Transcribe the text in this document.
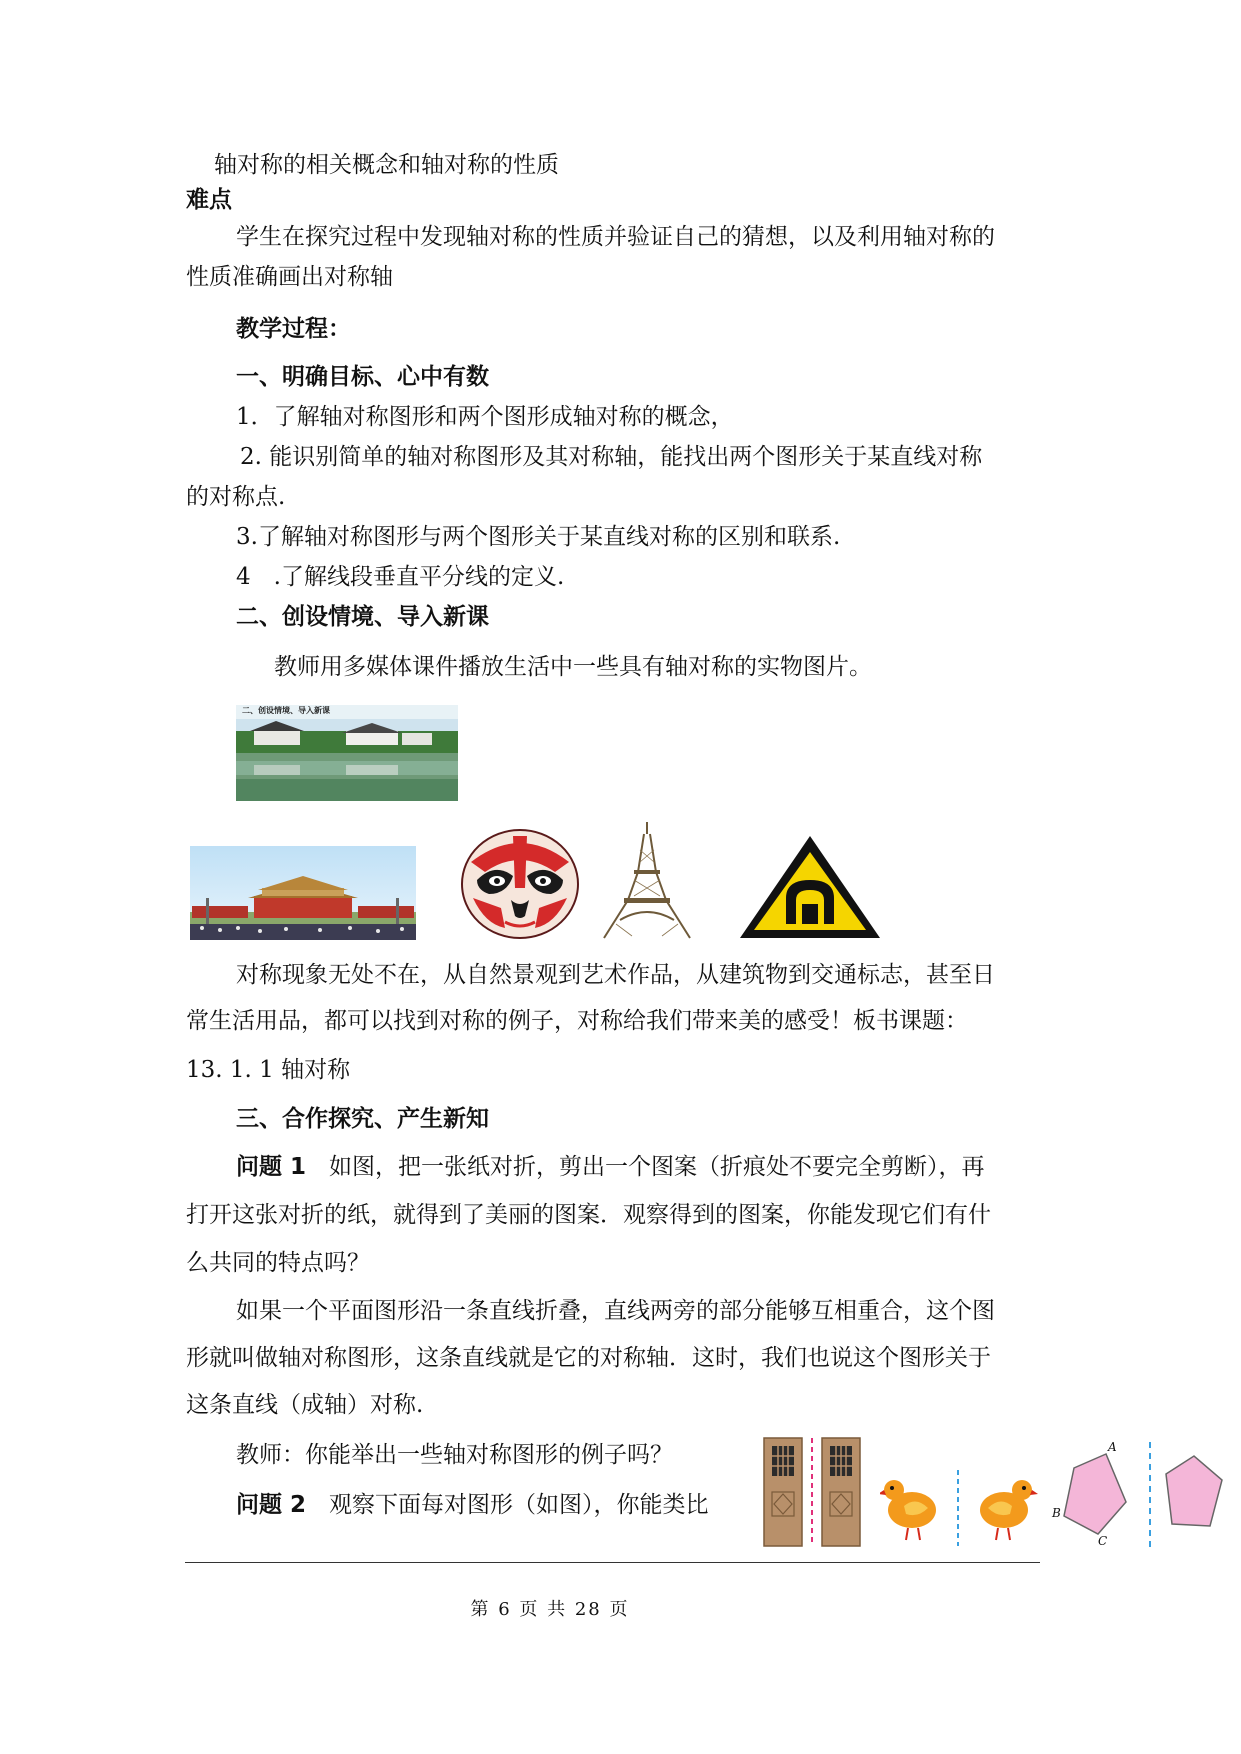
轴对称的相关概念和轴对称的性质
难点
学生在探究过程中发现轴对称的性质并验证自己的猜想，以及利用轴对称的
性质准确画出对称轴
教学过程：
一、明确目标、心中有数
1．了解轴对称图形和两个图形成轴对称的概念，
2. 能识别简单的轴对称图形及其对称轴，能找出两个图形关于某直线对称
的对称点.
3.了解轴对称图形与两个图形关于某直线对称的区别和联系.
4　.了解线段垂直平分线的定义.
二、创设情境、导入新课
教师用多媒体课件播放生活中一些具有轴对称的实物图片。
二、创设情境、导入新课
对称现象无处不在，从自然景观到艺术作品，从建筑物到交通标志，甚至日
常生活用品，都可以找到对称的例子，对称给我们带来美的感受！板书课题：
13. 1. 1 轴对称
三、合作探究、产生新知
问题 1　如图，把一张纸对折，剪出一个图案（折痕处不要完全剪断），再
打开这张对折的纸，就得到了美丽的图案．观察得到的图案，你能发现它们有什
么共同的特点吗？
如果一个平面图形沿一条直线折叠，直线两旁的部分能够互相重合，这个图
形就叫做轴对称图形，这条直线就是它的对称轴．这时，我们也说这个图形关于
这条直线（成轴）对称.
教师：你能举出一些轴对称图形的例子吗？
问题 2　观察下面每对图形（如图），你能类比
A
B
C
第 6 页 共 28 页
